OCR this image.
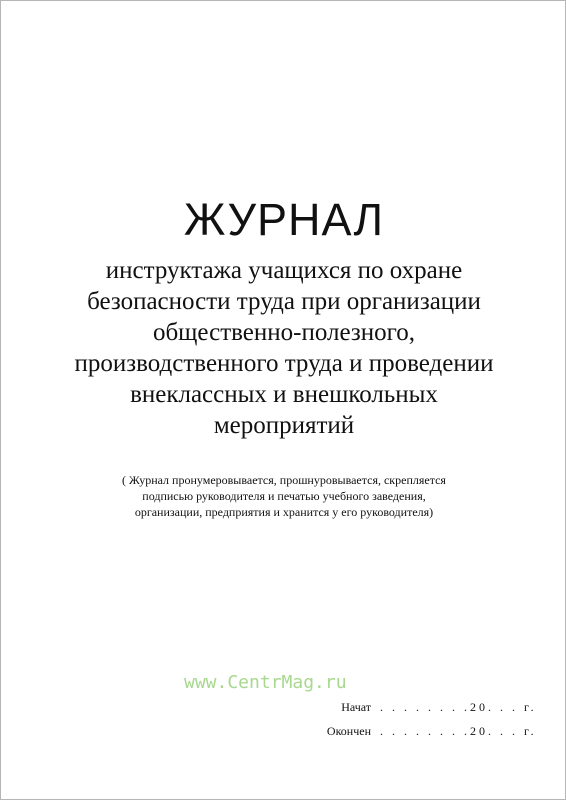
ЖУРНАЛ
инструктажа учащихся по охране
безопасности труда при организации
общественно-полезного,
производственного труда и проведении
внеклассных и внешкольных
мероприятий
( Журнал пронумеровывается, прошнуровывается, скрепляется
подписью руководителя и печатью учебного заведения,
организации, предприятия и хранится у его руководителя)
www.CentrMag.ru
Начат . . . . . . . .20. . . г.
Окончен . . . . . . . .20. . . г.
